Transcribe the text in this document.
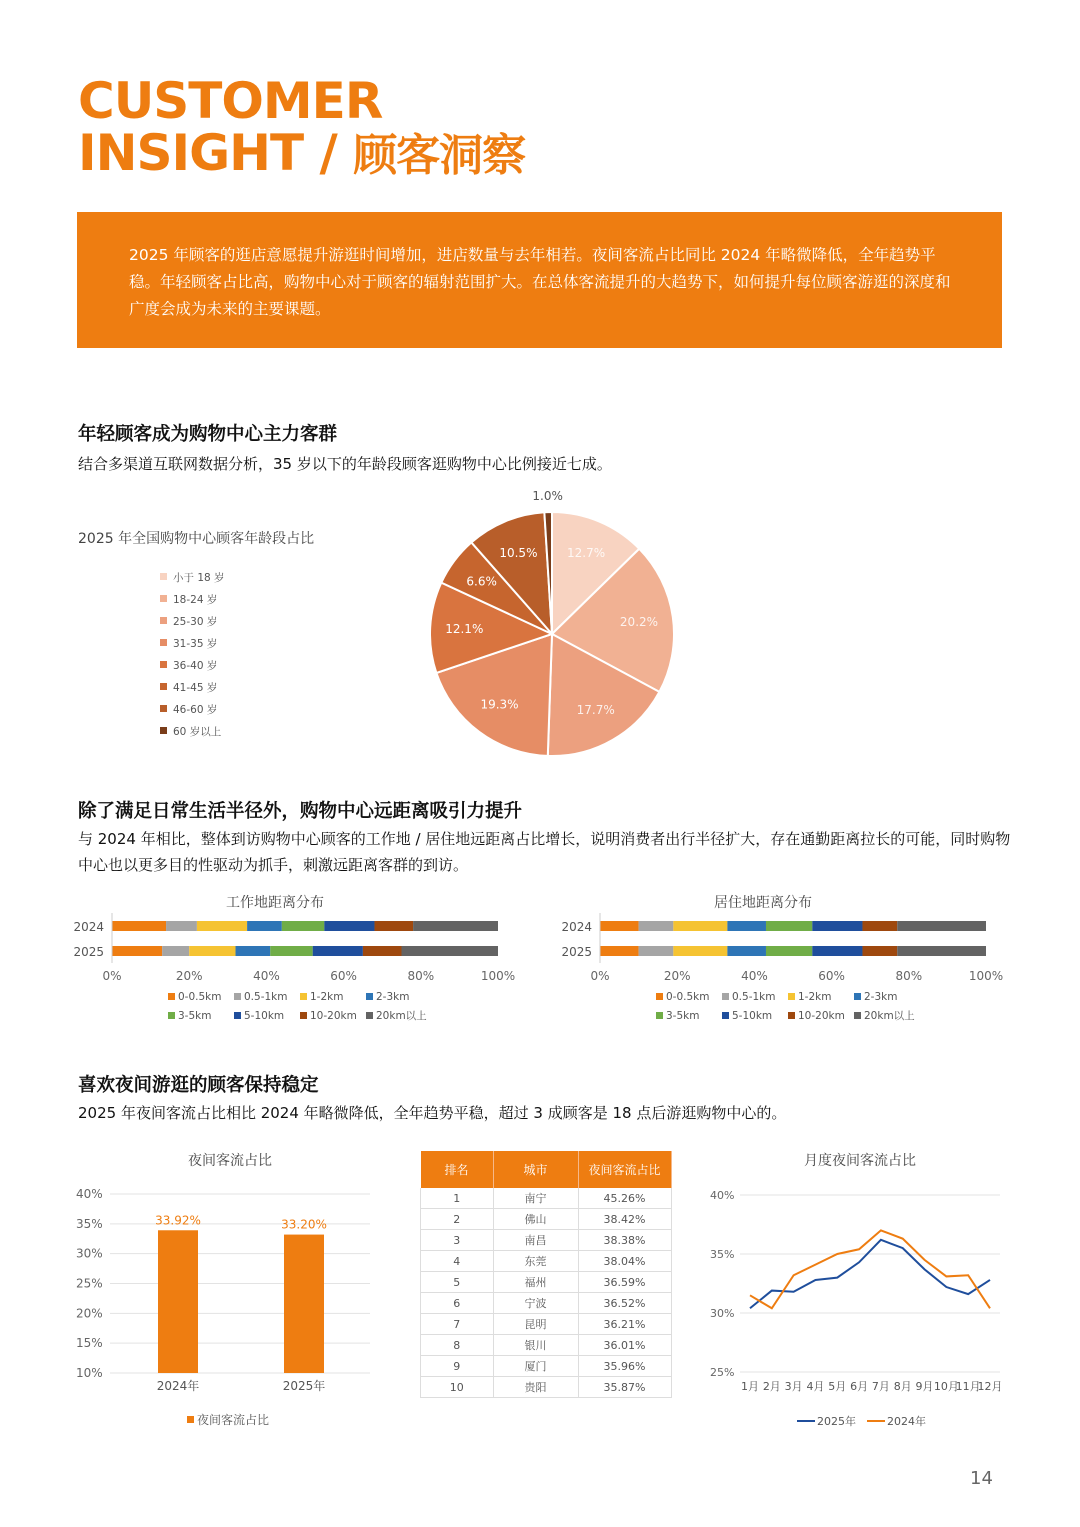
CUSTOMER
INSIGHT / 顾客洞察

2025 年顾客的逛店意愿提升游逛时间增加，进店数量与去年相若。夜间客流占比同比 2024 年略微降低，全年趋势平稳。年轻顾客占比高，购物中心对于顾客的辐射范围扩大。在总体客流提升的大趋势下，如何提升每位顾客游逛的深度和广度会成为未来的主要课题。

年轻顾客成为购物中心主力客群
结合多渠道互联网数据分析，35 岁以下的年龄段顾客逛购物中心比例接近七成。
2025 年全国购物中心顾客年龄段占比
小于 18 岁
18-24 岁
25-30 岁
31-35 岁
36-40 岁
41-45 岁
46-60 岁
60 岁以上
12.7%
20.2%
17.7%
19.3%
12.1%
6.6%
10.5%
1.0%
除了满足日常生活半径外，购物中心远距离吸引力提升
与 2024 年相比，整体到访购物中心顾客的工作地 / 居住地远距离占比增长，说明消费者出行半径扩大，存在通勤距离拉长的可能，同时购物中心也以更多目的性驱动为抓手，刺激远距离客群的到访。
工作地距离分布
2024
2025
0%	20%	40%	60%	80%	100%
0-0.5km 0.5-1km 1-2km	2-3km
3-5km	5-10km 10-20km 20km以上
居住地距离分布
2024
2025
0%	20%	40%	60%	80%	100%
0-0.5km 0.5-1km 1-2km	2-3km
3-5km	5-10km 10-20km 20km以上
喜欢夜间游逛的顾客保持稳定
2025 年夜间客流占比相比 2024 年略微降低，全年趋势平稳，超过 3 成顾客是 18 点后游逛购物中心的。
夜间客流占比
40%
35%
30%
25%
20%
15%
10%
33.92%
2024年
33.20%
2025年
夜间客流占比
排名	城市	夜间客流占比
1	南宁	45.26%
2	佛山	38.42%
3	南昌	38.38%
4	东莞	38.04%
5	福州	36.59%
6	宁波	36.52%
7	昆明	36.21%
8	银川	36.01%
9	厦门	35.96%
10	贵阳	35.87%
月度夜间客流占比
40%
35%
30%
25%
1月 2月 3月 4月 5月 6月 7月 8月 9月 10月
11月
12月
2025年	2024年
14
